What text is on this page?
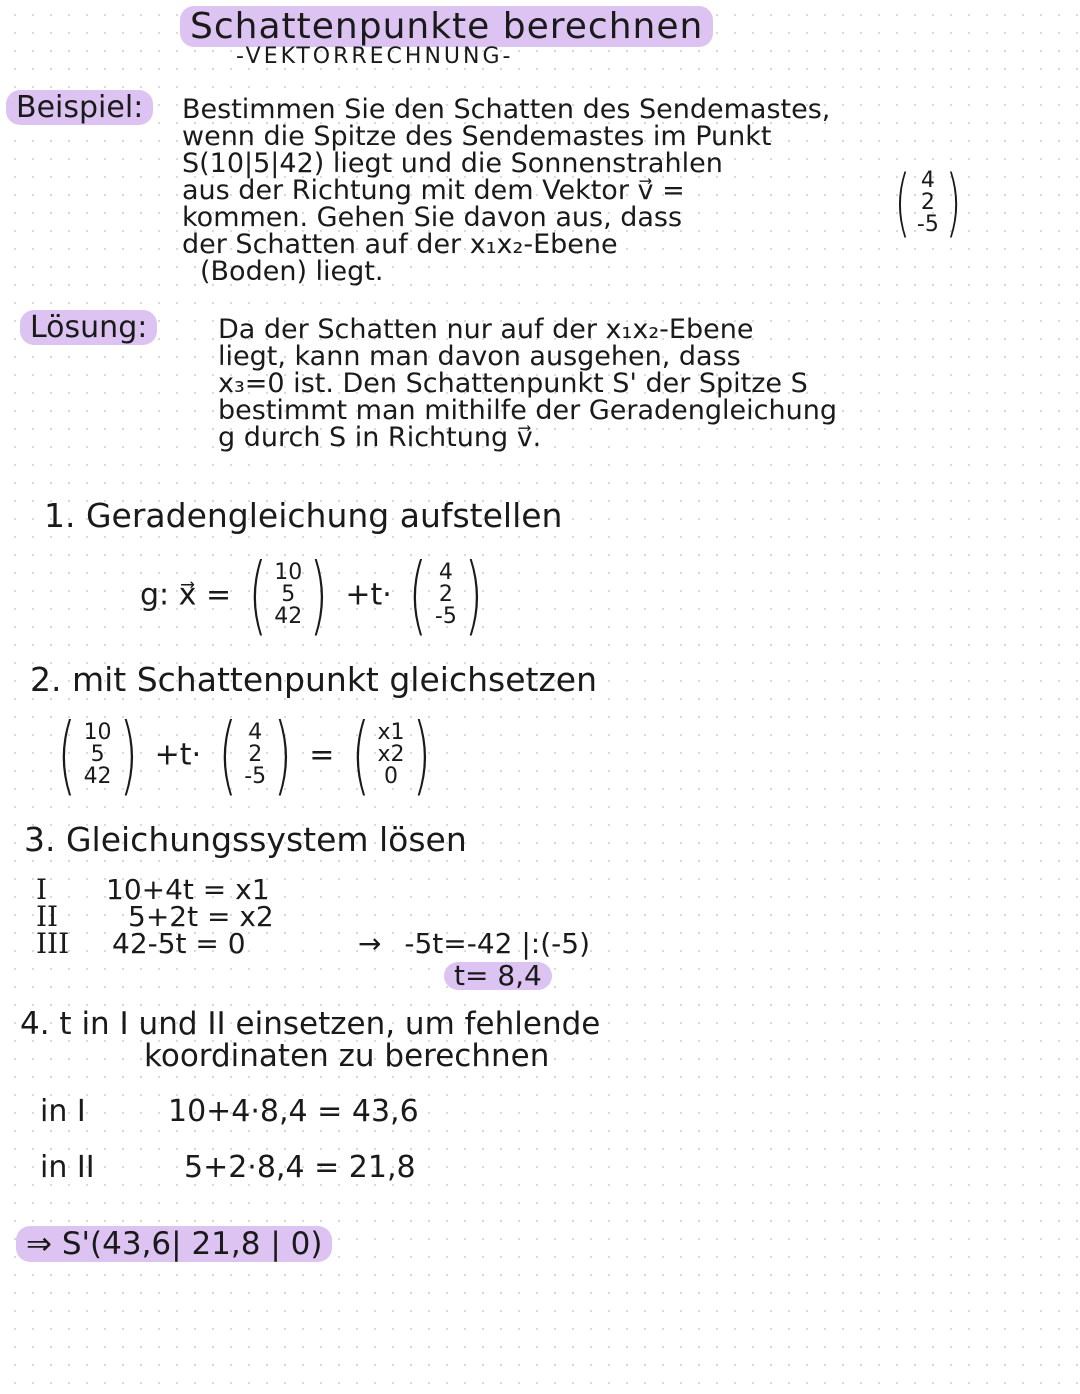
Schattenpunkte berechnen
-VEKTORRECHNUNG-
Beispiel:	Bestimmen Sie den Schatten des Sendemastes,
wenn die Spitze des Sendemastes im Punkt
S(10|5|42) liegt und die Sonnenstrahlen
aus der Richtung mit dem Vektor v⃗ =
kommen. Gehen Sie davon aus, dass
der Schatten auf der x₁x₂-Ebene
(Boden) liegt.
( 4
2
-5 )
Lösung:	Da der Schatten nur auf der x₁x₂-Ebene
liegt, kann man davon ausgehen, dass
x₃=0 ist. Den Schattenpunkt S' der Spitze S
bestimmt man mithilfe der Geradengleichung
g durch S in Richtung v⃗.
1. Geradengleichung aufstellen
g: x⃗ = ( 10
5
42 ) +t· ( 4
2
-5 )
2. mit Schattenpunkt gleichsetzen
( 10
5
42 ) +t· ( 4
2
-5 ) = ( x1
x2
0 )
3. Gleichungssystem lösen
I 10+4t = x1
II 5+2t = x2
III 42-5t = 0	→ -5t=-42 |:(-5)
t= 8,4
4. t in I und II einsetzen, um fehlende
koordinaten zu berechnen
in I	10+4·8,4 = 43,6
in II	5+2·8,4 = 21,8
⇒ S'(43,6| 21,8 | 0)
